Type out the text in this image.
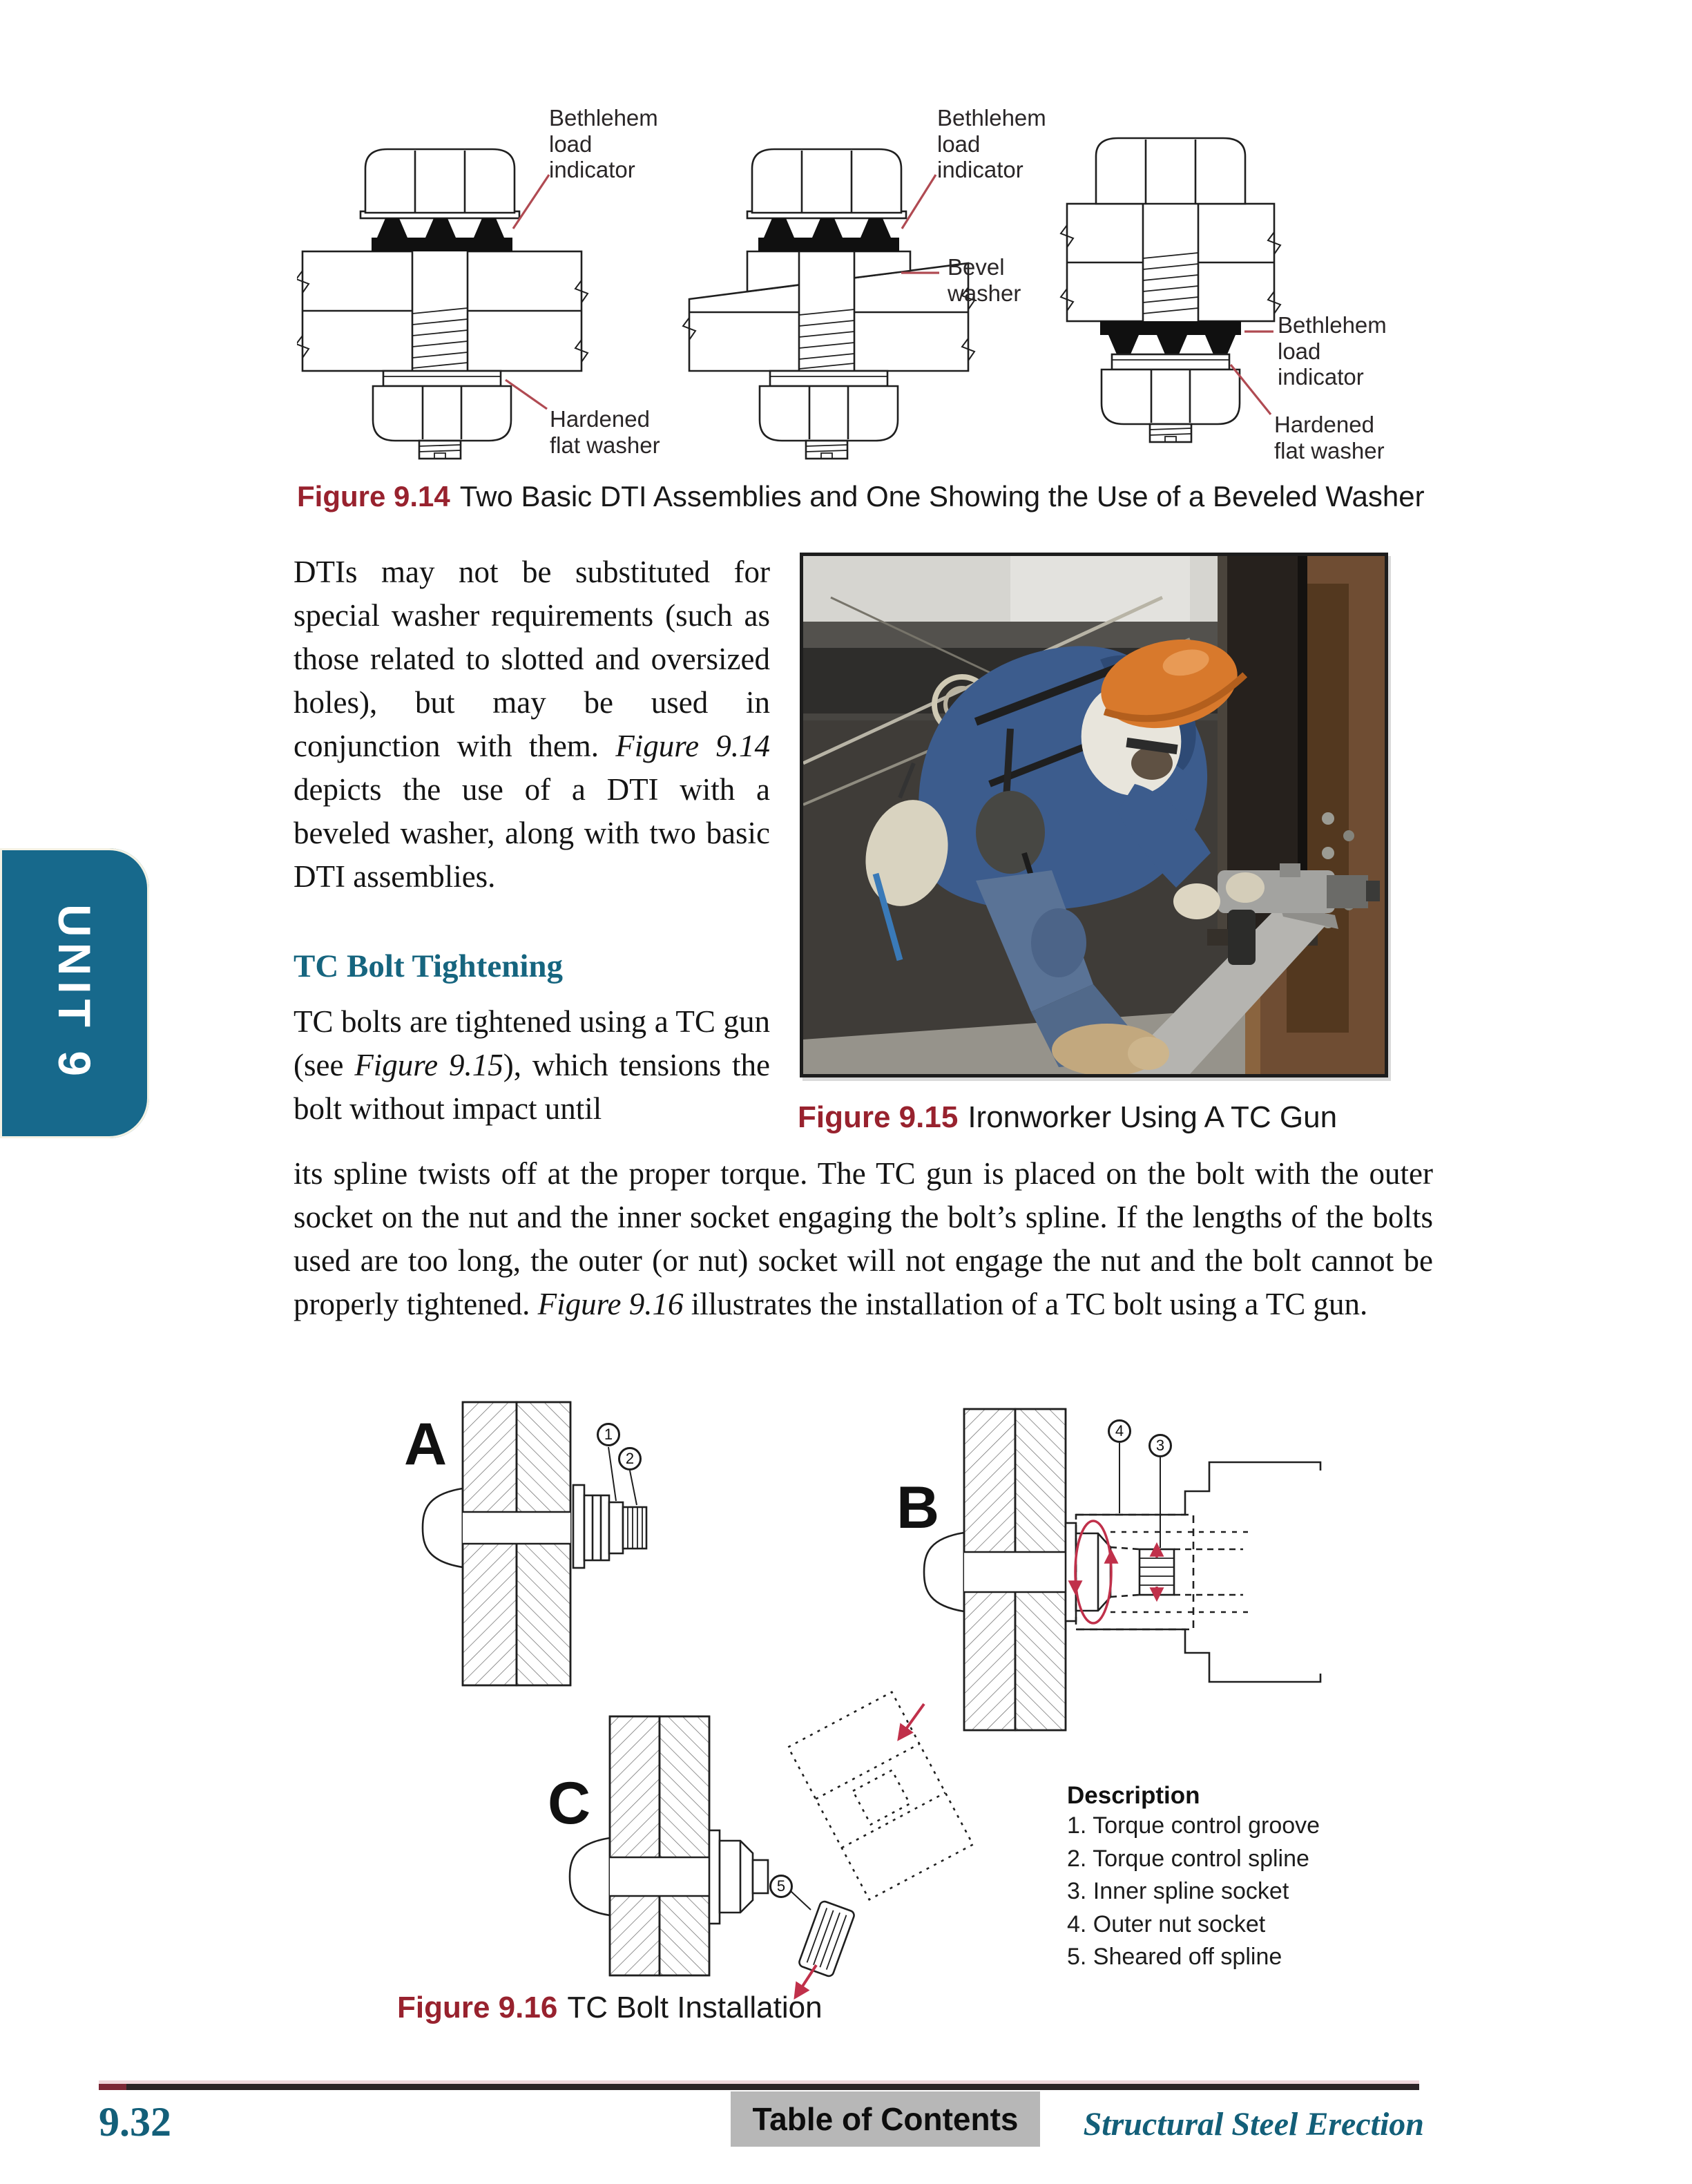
Bethlehem load indicator
Bethlehem load indicator
Bevel washer
Bethlehem load indicator
Hardened flat washer
Hardened flat washer
Figure 9.14 Two Basic DTI Assemblies and One Showing the Use of a Beveled Washer
DTIs may not be substituted for special washer requirements (such as those related to slotted and oversized holes), but may be used in conjunction with them. Figure 9.14 depicts the use of a DTI with a beveled washer, along with two basic DTI assemblies.
Figure 9.15 Ironworker Using A TC Gun
TC Bolt Tightening
TC bolts are tightened using a TC gun (see Figure 9.15), which tensions the bolt without impact until
its spline twists off at the proper torque. The TC gun is placed on the bolt with the outer socket on the nut and the inner socket engaging the bolt’s spline. If the lengths of the bolts used are too long, the outer (or nut) socket will not engage the nut and the bolt cannot be properly tightened. Figure 9.16 illustrates the installation of a TC bolt using a TC gun.
A
B
C
1
2
4
3
5
Description
1. Torque control groove
2. Torque control spline
3. Inner spline socket
4. Outer nut socket
5. Sheared off spline
Figure 9.16 TC Bolt Installation
UNIT 9
9.32	Table of Contents Structural Steel Erection
